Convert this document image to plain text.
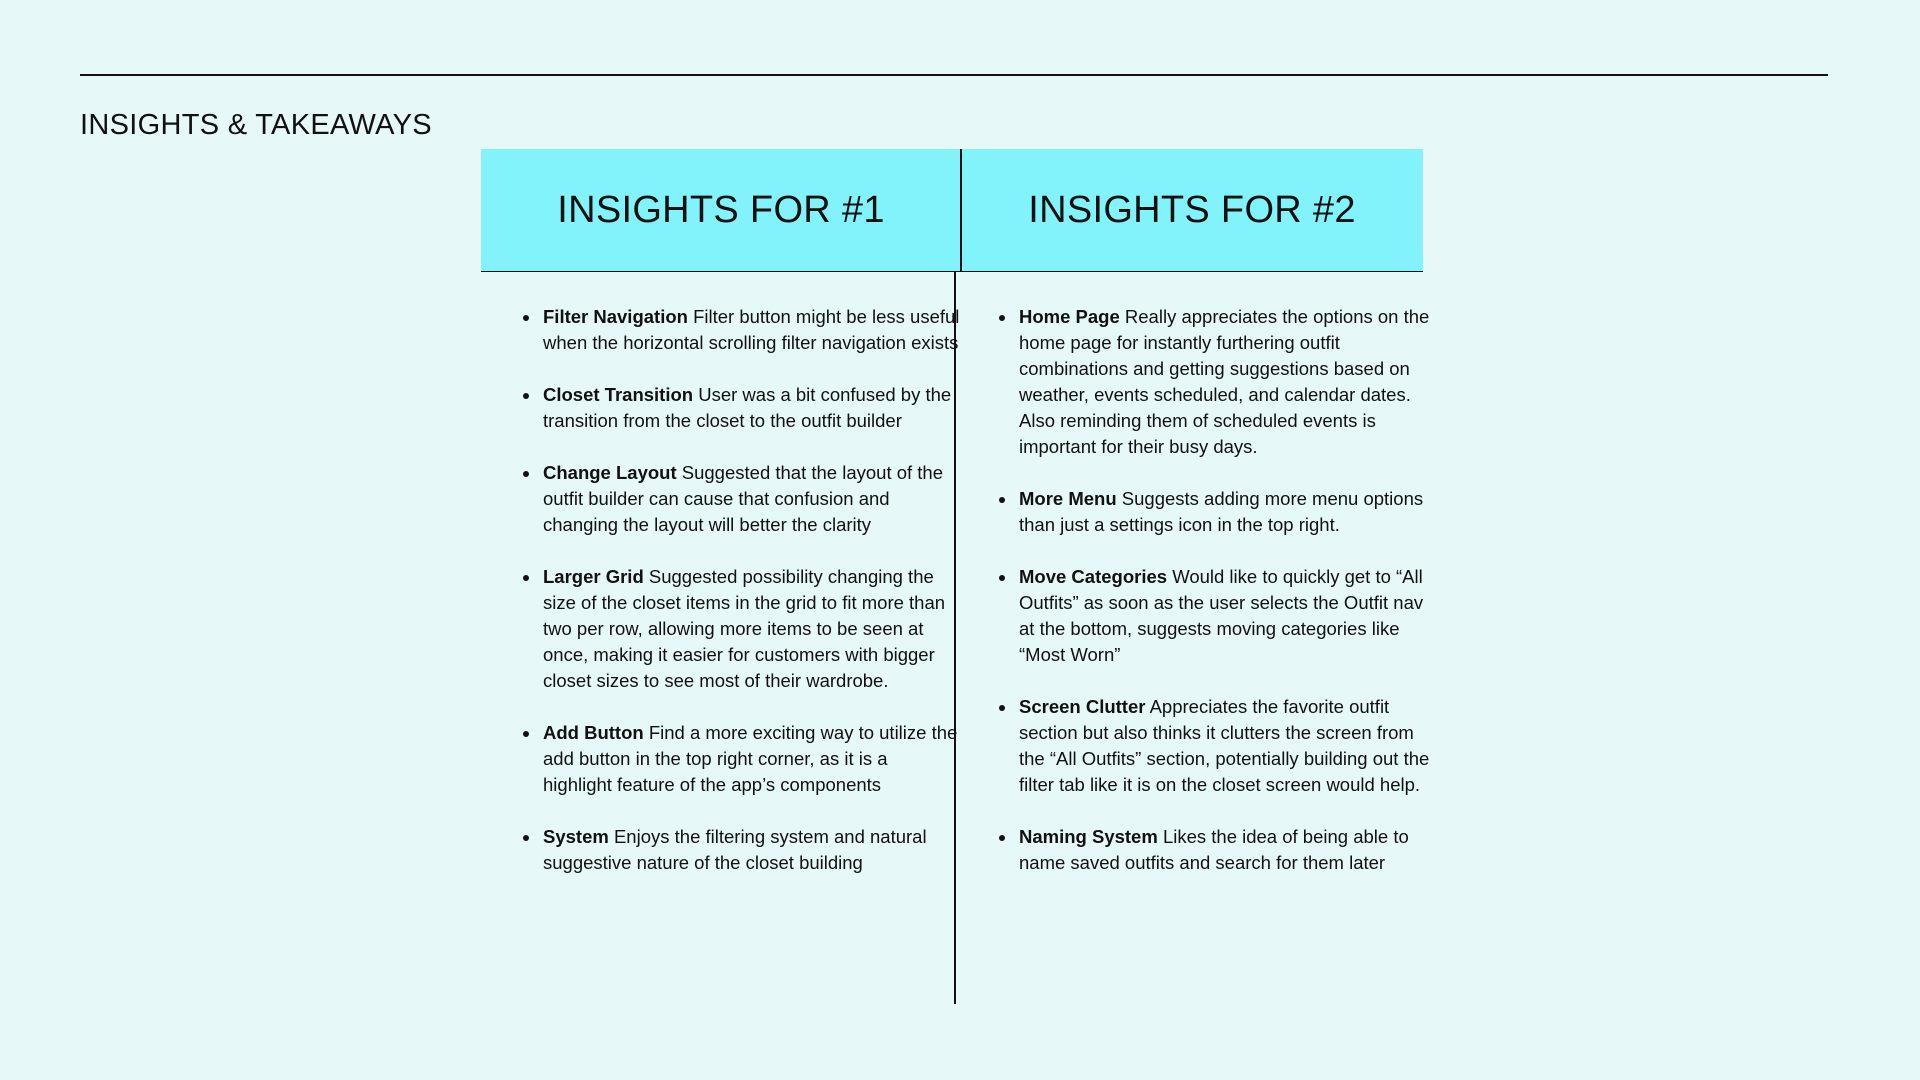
INSIGHTS & TAKEAWAYS
INSIGHTS FOR #1	INSIGHTS FOR #2
• Filter Navigation Filter button might be less useful when the horizontal scrolling filter navigation exists
• Closet Transition User was a bit confused by the transition from the closet to the outfit builder
• Change Layout Suggested that the layout of the outfit builder can cause that confusion and changing the layout will better the clarity
• Larger Grid Suggested possibility changing the size of the closet items in the grid to fit more than two per row, allowing more items to be seen at once, making it easier for customers with bigger closet sizes to see most of their wardrobe.
• Add Button Find a more exciting way to utilize the add button in the top right corner, as it is a highlight feature of the app’s components
• System Enjoys the filtering system and natural suggestive nature of the closet building
• Home Page Really appreciates the options on the home page for instantly furthering outfit combinations and getting suggestions based on weather, events scheduled, and calendar dates. Also reminding them of scheduled events is important for their busy days.
• More Menu Suggests adding more menu options than just a settings icon in the top right.
• Move Categories Would like to quickly get to “All Outfits” as soon as the user selects the Outfit nav at the bottom, suggests moving categories like “Most Worn”
• Screen Clutter Appreciates the favorite outfit section but also thinks it clutters the screen from the “All Outfits” section, potentially building out the filter tab like it is on the closet screen would help.
• Naming System Likes the idea of being able to name saved outfits and search for them later
